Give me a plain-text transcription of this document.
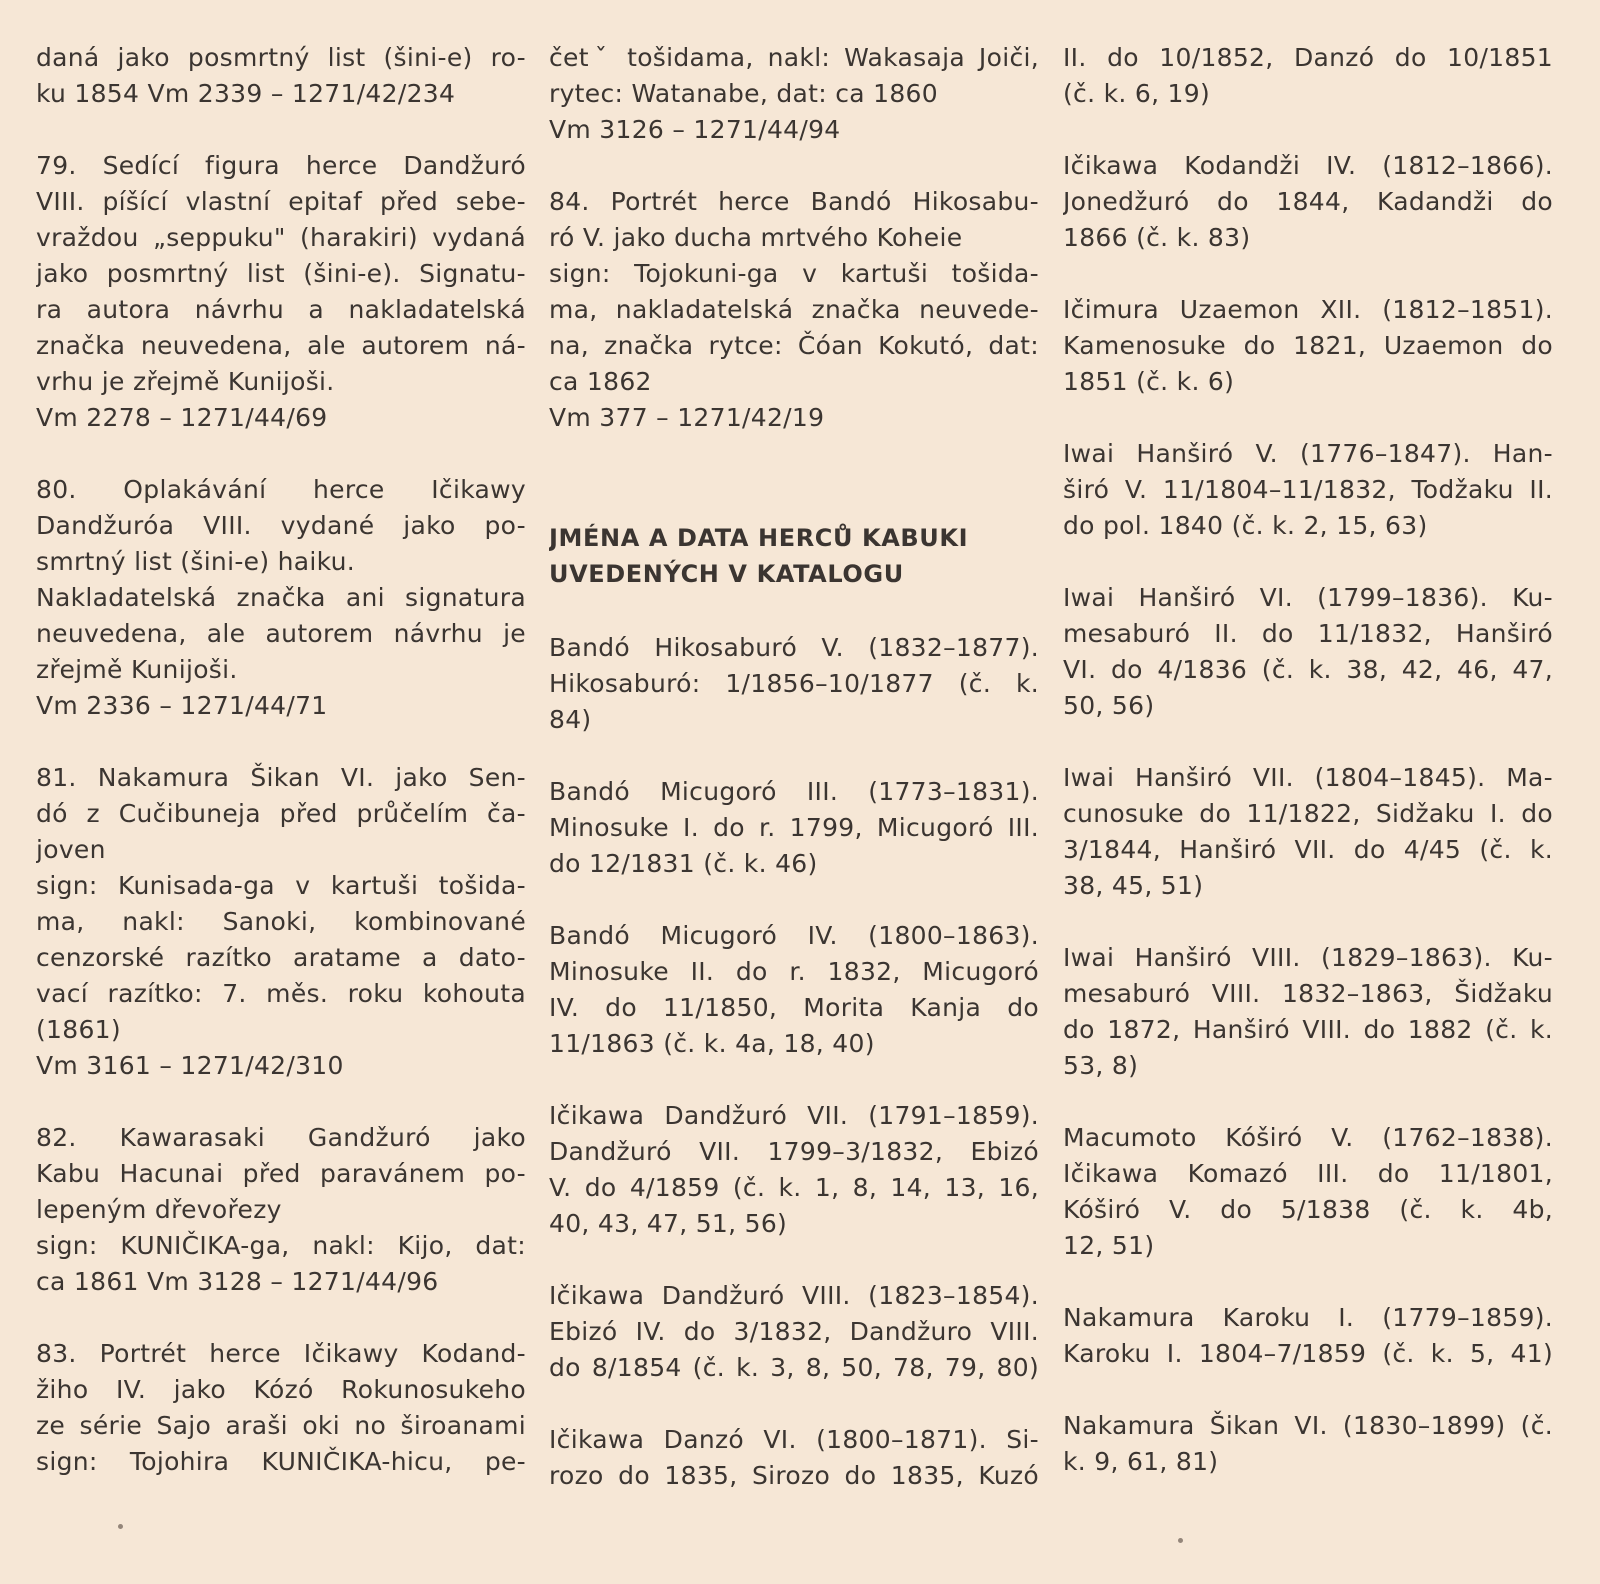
daná jako posmrtný list (šini-e) ro-
ku 1854 Vm 2339 – 1271/42/234
79. Sedící figura herce Dandžuró
VIII. píšící vlastní epitaf před sebe-
vraždou „seppuku" (harakiri) vydaná
jako posmrtný list (šini-e). Signatu-
ra autora návrhu a nakladatelská
značka neuvedena, ale autorem ná-
vrhu je zřejmě Kunijoši.
Vm 2278 – 1271/44/69
80. Oplakávání herce Ičikawy
Dandžuróa VIII. vydané jako po-
smrtný list (šini-e) haiku.
Nakladatelská značka ani signatura
neuvedena, ale autorem návrhu je
zřejmě Kunijoši.
Vm 2336 – 1271/44/71
81. Nakamura Šikan VI. jako Sen-
dó z Cučibuneja před průčelím ča-
joven
sign: Kunisada-ga v kartuši tošida-
ma, nakl: Sanoki, kombinované
cenzorské razítko aratame a dato-
vací razítko: 7. měs. roku kohouta
(1861)
Vm 3161 – 1271/42/310
82. Kawarasaki Gandžuró jako
Kabu Hacunai před paravánem po-
lepeným dřevořezy
sign: KUNIČIKA-ga, nakl: Kijo, dat:
ca 1861 Vm 3128 – 1271/44/96
83. Portrét herce Ičikawy Kodand-
žiho IV. jako Kózó Rokunosukeho
ze série Sajo araši oki no široanami
sign: Tojohira KUNIČIKA-hicu, pe-
četˇ tošidama, nakl: Wakasaja Joiči,
rytec: Watanabe, dat: ca 1860
Vm 3126 – 1271/44/94
84. Portrét herce Bandó Hikosabu-
ró V. jako ducha mrtvého Koheie
sign: Tojokuni-ga v kartuši tošida-
ma, nakladatelská značka neuvede-
na, značka rytce: Čóan Kokutó, dat:
ca 1862
Vm 377 – 1271/42/19
JMÉNA A DATA HERCŮ KABUKI
UVEDENÝCH V KATALOGU
Bandó Hikosaburó V. (1832–1877).
Hikosaburó: 1/1856–10/1877 (č. k.
84)
Bandó Micugoró III. (1773–1831).
Minosuke I. do r. 1799, Micugoró III.
do 12/1831 (č. k. 46)
Bandó Micugoró IV. (1800–1863).
Minosuke II. do r. 1832, Micugoró
IV. do 11/1850, Morita Kanja do
11/1863 (č. k. 4a, 18, 40)
Ičikawa Dandžuró VII. (1791–1859).
Dandžuró VII. 1799–3/1832, Ebizó
V. do 4/1859 (č. k. 1, 8, 14, 13, 16,
40, 43, 47, 51, 56)
Ičikawa Dandžuró VIII. (1823–1854).
Ebizó IV. do 3/1832, Dandžuro VIII.
do 8/1854 (č. k. 3, 8, 50, 78, 79, 80)
Ičikawa Danzó VI. (1800–1871). Si-
rozo do 1835, Sirozo do 1835, Kuzó
II. do 10/1852, Danzó do 10/1851
(č. k. 6, 19)
Ičikawa Kodandži IV. (1812–1866).
Jonedžuró do 1844, Kadandži do
1866 (č. k. 83)
Ičimura Uzaemon XII. (1812–1851).
Kamenosuke do 1821, Uzaemon do
1851 (č. k. 6)
Iwai Hanširó V. (1776–1847). Han-
širó V. 11/1804–11/1832, Todžaku II.
do pol. 1840 (č. k. 2, 15, 63)
Iwai Hanširó VI. (1799–1836). Ku-
mesaburó II. do 11/1832, Hanširó
VI. do 4/1836 (č. k. 38, 42, 46, 47,
50, 56)
Iwai Hanširó VII. (1804–1845). Ma-
cunosuke do 11/1822, Sidžaku I. do
3/1844, Hanširó VII. do 4/45 (č. k.
38, 45, 51)
Iwai Hanširó VIII. (1829–1863). Ku-
mesaburó VIII. 1832–1863, Šidžaku
do 1872, Hanširó VIII. do 1882 (č. k.
53, 8)
Macumoto Kóširó V. (1762–1838).
Ičikawa Komazó III. do 11/1801,
Kóširó V. do 5/1838 (č. k. 4b,
12, 51)
Nakamura Karoku I. (1779–1859).
Karoku I. 1804–7/1859 (č. k. 5, 41)
Nakamura Šikan VI. (1830–1899) (č.
k. 9, 61, 81)
